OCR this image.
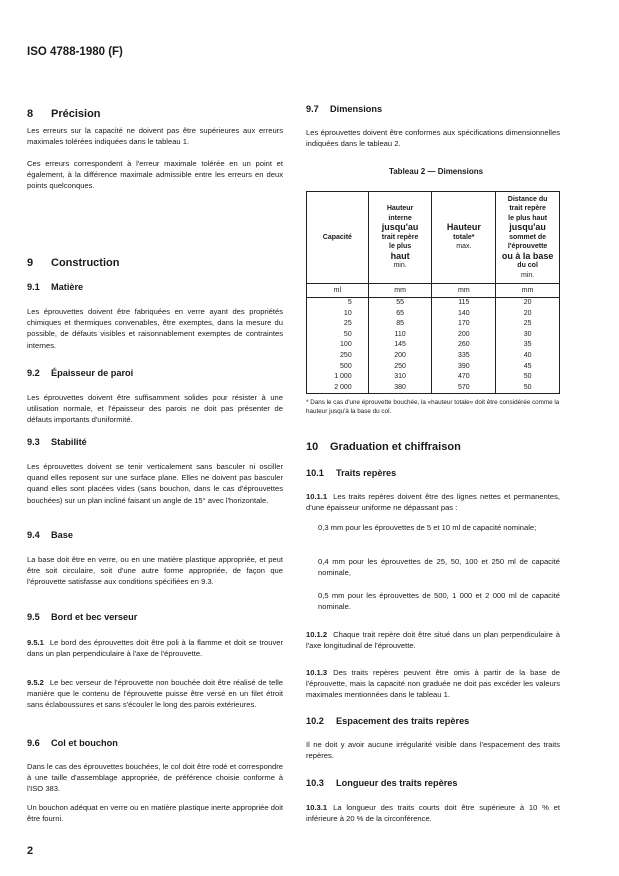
ISO 4788-1980 (F)
8 Précision

Les erreurs sur la capacité ne doivent pas être supérieures aux erreurs maximales tolérées indiquées dans le tableau 1.

Ces erreurs correspondent à l'erreur maximale tolérée en un point et également, à la différence maximale admissible entre les erreurs en deux points quelconques.

9 Construction
9.1 Matière

Les éprouvettes doivent être fabriquées en verre ayant des propriétés chimiques et thermiques convenables, être exemptes, dans la mesure du possible, de défauts visibles et raisonnablement exemptes de contraintes internes.

9.2 Épaisseur de paroi

Les éprouvettes doivent être suffisamment solides pour résister à une utilisation normale, et l'épaisseur des parois ne doit pas présenter de défauts importants d'uniformité.

9.3 Stabilité

Les éprouvettes doivent se tenir verticalement sans basculer ni osciller quand elles reposent sur une surface plane. Elles ne doivent pas basculer quand elles sont placées vides (sans bouchon, dans le cas d'éprouvettes bouchées) sur un plan incliné faisant un angle de 15° avec l'horizontale.

9.4 Base

La base doit être en verre, ou en une matière plastique appropriée, et peut être soit circulaire, soit d'une autre forme appropriée, de façon que l'éprouvette satisfasse aux conditions spécifiées en 9.3.

9.5 Bord et bec verseur

9.5.1 Le bord des éprouvettes doit être poli à la flamme et doit se trouver dans un plan perpendiculaire à l'axe de l'éprouvette.

9.5.2 Le bec verseur de l'éprouvette non bouchée doit être réalisé de telle manière que le contenu de l'éprouvette puisse être versé en un filet étroit sans éclaboussures et sans s'écouler le long des parois extérieures.

9.6 Col et bouchon

Dans le cas des éprouvettes bouchées, le col doit être rodé et correspondre à une taille d'assemblage appropriée, de préférence choisie conforme à l'ISO 383.

Un bouchon adéquat en verre ou en matière plastique inerte appropriée doit être fourni.

9.7 Dimensions

Les éprouvettes doivent être conformes aux spécifications dimensionnelles indiquées dans le tableau 2.

Tableau 2 — Dimensions
Capacité	
Hauteur
interne
jusqu'au
trait repère
le plus
haut
min.

Hauteur
totale*
max.

Distance du
trait repère
le plus haut
jusqu'au
sommet de
l'éprouvette
ou à la base
du col
min.

ml	mm	mm	mm
5	55	115	20
10	65	140	20
25	85	170	25
50	110	200	30
100	145	260	35
250	200	335	40
500	250	390	45
1 000	310	470	50
2 000	380	570	50
* Dans le cas d'une éprouvette bouchée, la «hauteur totale» doit être considérée comme la hauteur jusqu'à la base du col.
10 Graduation et chiffraison
10.1 Traits repères

10.1.1 Les traits repères doivent être des lignes nettes et permanentes, d'une épaisseur uniforme ne dépassant pas :

0,3 mm pour les éprouvettes de 5 et 10 ml de capacité nominale;

0,4 mm pour les éprouvettes de 25, 50, 100 et 250 ml de capacité nominale,

0,5 mm pour les éprouvettes de 500, 1 000 et 2 000 ml de capacité nominale.

10.1.2 Chaque trait repère doit être situé dans un plan perpendiculaire à l'axe longitudinal de l'éprouvette.

10.1.3 Des traits repères peuvent être omis à partir de la base de l'éprouvette, mais la capacité non graduée ne doit pas excéder les valeurs maximales mentionnées dans le tableau 1.

10.2 Espacement des traits repères

Il ne doit y avoir aucune irrégularité visible dans l'espacement des traits repères.

10.3 Longueur des traits repères

10.3.1 La longueur des traits courts doit être supérieure à 10 % et inférieure à 20 % de la circonférence.

2
